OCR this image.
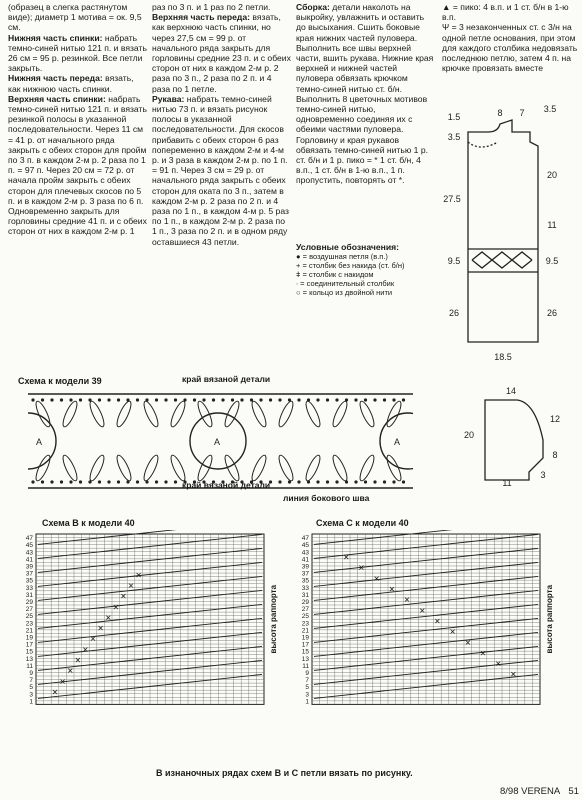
(образец в слегка растянутом виде); диаметр 1 мотива = ок. 9,5 см.

Нижняя часть спинки: набрать темно-синей нитью 121 п. и вязать 26 см = 95 р. резинкой. Все петли закрыть.

Нижняя часть переда: вязать, как нижнюю часть спинки.

Верхняя часть спинки: набрать темно-синей нитью 121 п. и вязать резинкой полосы в указанной последовательности. Через 11 см = 41 р. от начального ряда закрыть с обеих сторон для пройм по 3 п. в каждом 2-м р. 2 раза по 1 п. = 97 п. Через 20 см = 72 р. от начала пройм закрыть с обеих сторон для плечевых скосов по 5 п. и в каждом 2-м р. 3 раза по 6 п. Одновременно закрыть для горловины средние 41 п. и с обеих сторон от них в каждом 2-м р. 1

раз по 3 п. и 1 раз по 2 петли.

Верхняя часть переда: вязать, как верхнюю часть спинки, но через 27,5 см = 99 р. от начального ряда закрыть для горловины средние 23 п. и с обеих сторон от них в каждом 2-м р. 2 раза по 3 п., 2 раза по 2 п. и 4 раза по 1 петле.

Рукава: набрать темно-синей нитью 73 п. и вязать рисунок полосы в указанной последовательности. Для скосов прибавить с обеих сторон 6 раз попеременно в каждом 2-м и 4-м р. и 3 раза в каждом 2-м р. по 1 п. = 91 п. Через 3 см = 29 р. от начального ряда закрыть с обеих сторон для оката по 3 п., затем в каждом 2-м р. 2 раза по 2 п. и 4 раза по 1 п., в каждом 4-м р. 5 раз по 1 п., в каждом 2-м р. 2 раза по 1 п., 3 раза по 2 п. и в одном ряду оставшиеся 43 петли.

Сборка: детали наколоть на выкройку, увлажнить и оставить до высыхания. Сшить боковые края нижних частей пуловера. Выполнить все швы верхней части, вшить рукава. Нижние края верхней и нижней частей пуловера обвязать крючком темно-синей нитью ст. б/н. Выполнить 8 цветочных мотивов темно-синей нитью, одновременно соединяя их с обеими частями пуловера. Горловину и края рукавов обвязать темно-синей нитью 1 р. ст. б/н и 1 р. пико = * 1 ст. б/н, 4 в.п., 1 ст. б/н в 1-ю в.п., 1 п. пропустить, повторять от *.

Условные обозначения:
● = воздушная петля (в.п.)
+ = столбик без накида (ст. б/н)
ǂ = столбик с накидом
∙ = соединительный столбик
○ = кольцо из двойной нити

▲ = пико: 4 в.п. и 1 ст. б/н в 1-ю в.п.

Ψ = 3 незаконченных ст. с 3/н на одной петле основания, при этом для каждого столбика недовязать последнюю петлю, затем 4 п. на крючке провязать вместе

1.5	8 7 3.5
3.5
27.5
20
11
9.5	9.5
26	26
18.5
14
20
12
8
11
3
Схема к модели 39	край вязаной детали
A	A	A
край вязаной детали
линия бокового шва
Схема B к модели 40
47
45
43
41
39
37
35
33
31
29
27
25
23
21
19
17
15
13
11
9
7
5
3
1
✕
✕
✕
✕
✕
✕
✕
✕
✕
✕
✕
✕
высота раппорта
Схема C к модели 40
47
45
43
41
39
37
35
33
31
29
27
25
23
21
19
17
15
13
11
9
7
5
3
1
✕
✕
✕
✕
✕
✕
✕
✕
✕
✕
✕
✕
высота раппорта
В изнаночных рядах схем B и C петли вязать по рисунку.
8/98 VERENA 51
